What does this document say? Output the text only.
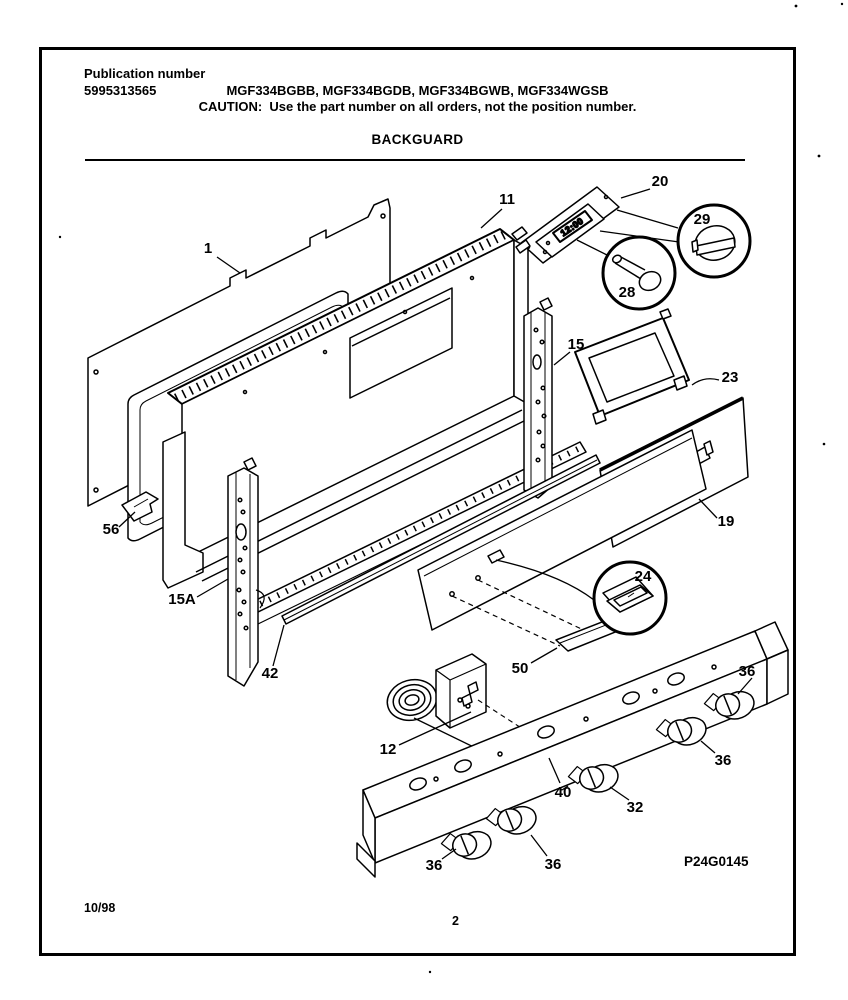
Publication number
5995313565	MGF334BGBB, MGF334BGDB, MGF334BGWB, MGF334WGSB
CAUTION:  Use the part number on all orders, not the position number.
BACKGUARD
12:00
1
11
20
29
28
15
23
19
56
15A
42
24
50
12
40
32
36	36
36
36
10/98
2
P24G0145
